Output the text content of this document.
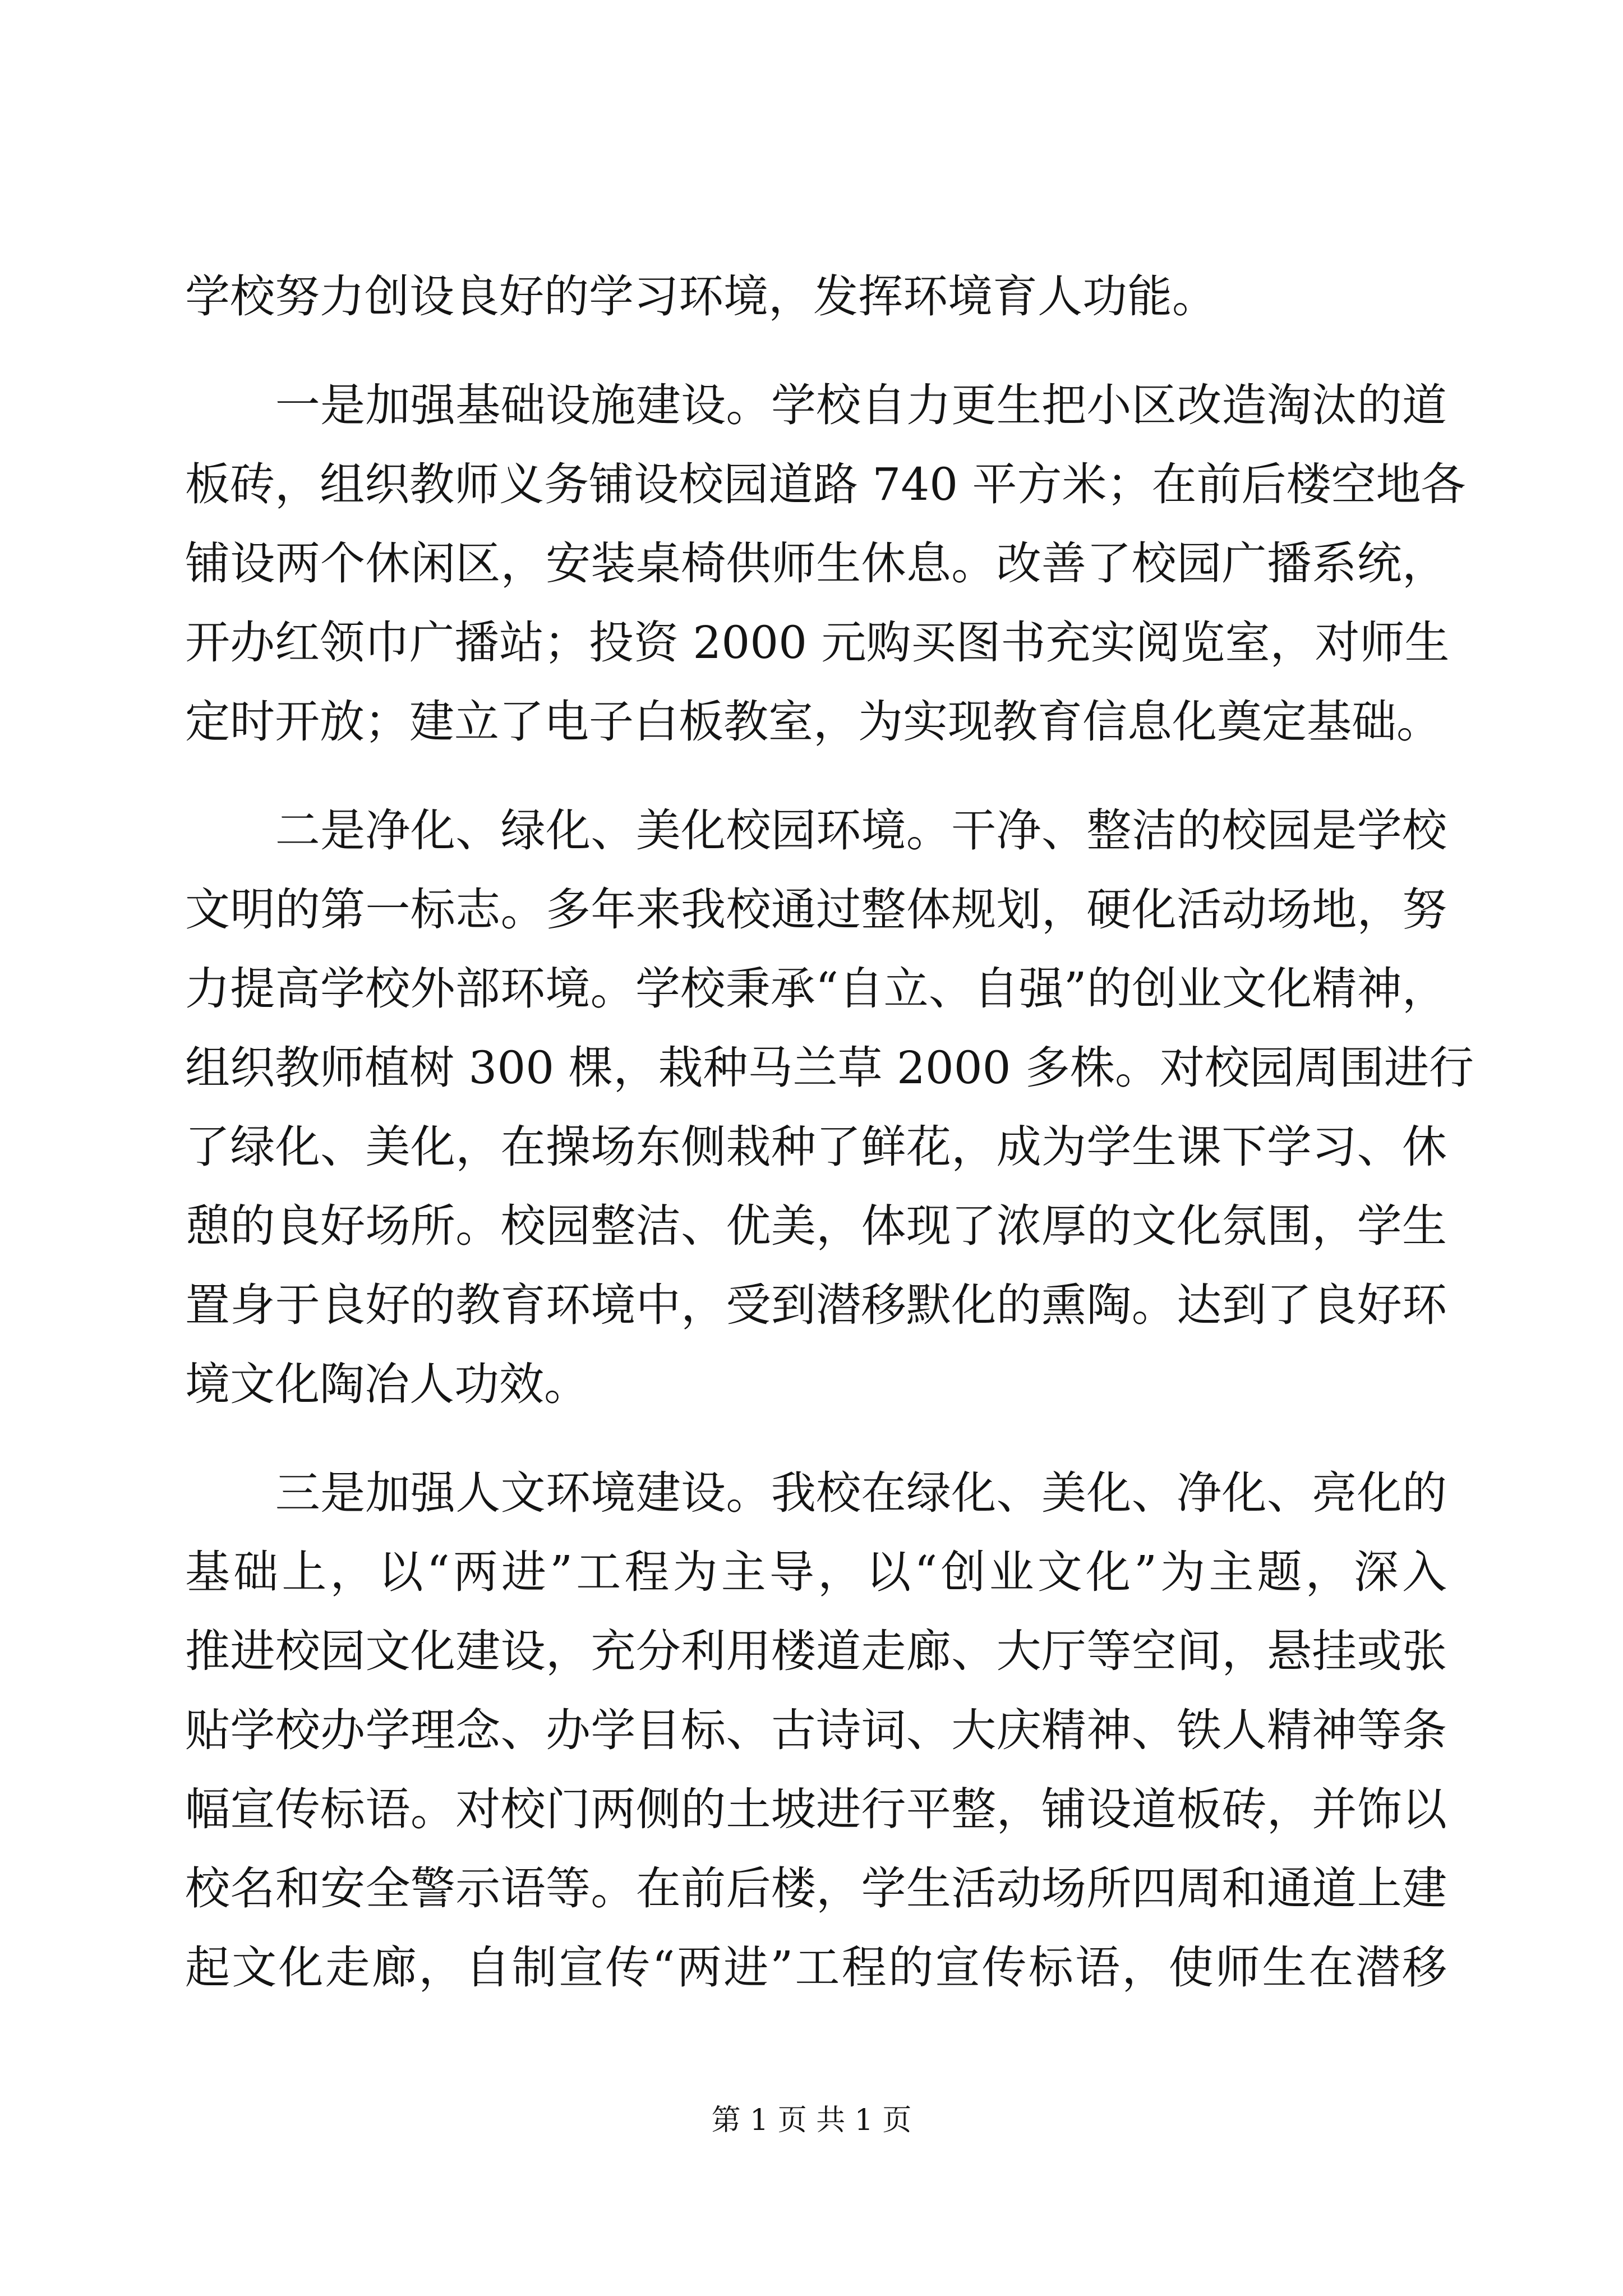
学校努力创设良好的学习环境，发挥环境育人功能。
　　一是加强基础设施建设。学校自力更生把小区改造淘汰的道
板砖，组织教师义务铺设校园道路 740 平方米；在前后楼空地各
铺设两个休闲区，安装桌椅供师生休息。改善了校园广播系统，
开办红领巾广播站；投资 2000 元购买图书充实阅览室，对师生
定时开放；建立了电子白板教室，为实现教育信息化奠定基础。
　　二是净化、绿化、美化校园环境。干净、整洁的校园是学校
文明的第一标志。多年来我校通过整体规划，硬化活动场地，努
力提高学校外部环境。学校秉承“自立、自强”的创业文化精神，
组织教师植树 300 棵，栽种马兰草 2000 多株。对校园周围进行
了绿化、美化，在操场东侧栽种了鲜花，成为学生课下学习、休
憩的良好场所。校园整洁、优美，体现了浓厚的文化氛围，学生
置身于良好的教育环境中，受到潜移默化的熏陶。达到了良好环
境文化陶冶人功效。
　　三是加强人文环境建设。我校在绿化、美化、净化、亮化的
基础上，以“两进”工程为主导，以“创业文化”为主题，深入
推进校园文化建设，充分利用楼道走廊、大厅等空间，悬挂或张
贴学校办学理念、办学目标、古诗词、大庆精神、铁人精神等条
幅宣传标语。对校门两侧的土坡进行平整，铺设道板砖，并饰以
校名和安全警示语等。在前后楼，学生活动场所四周和通道上建
起文化走廊，自制宣传“两进”工程的宣传标语，使师生在潜移
第 1 页 共 1 页
